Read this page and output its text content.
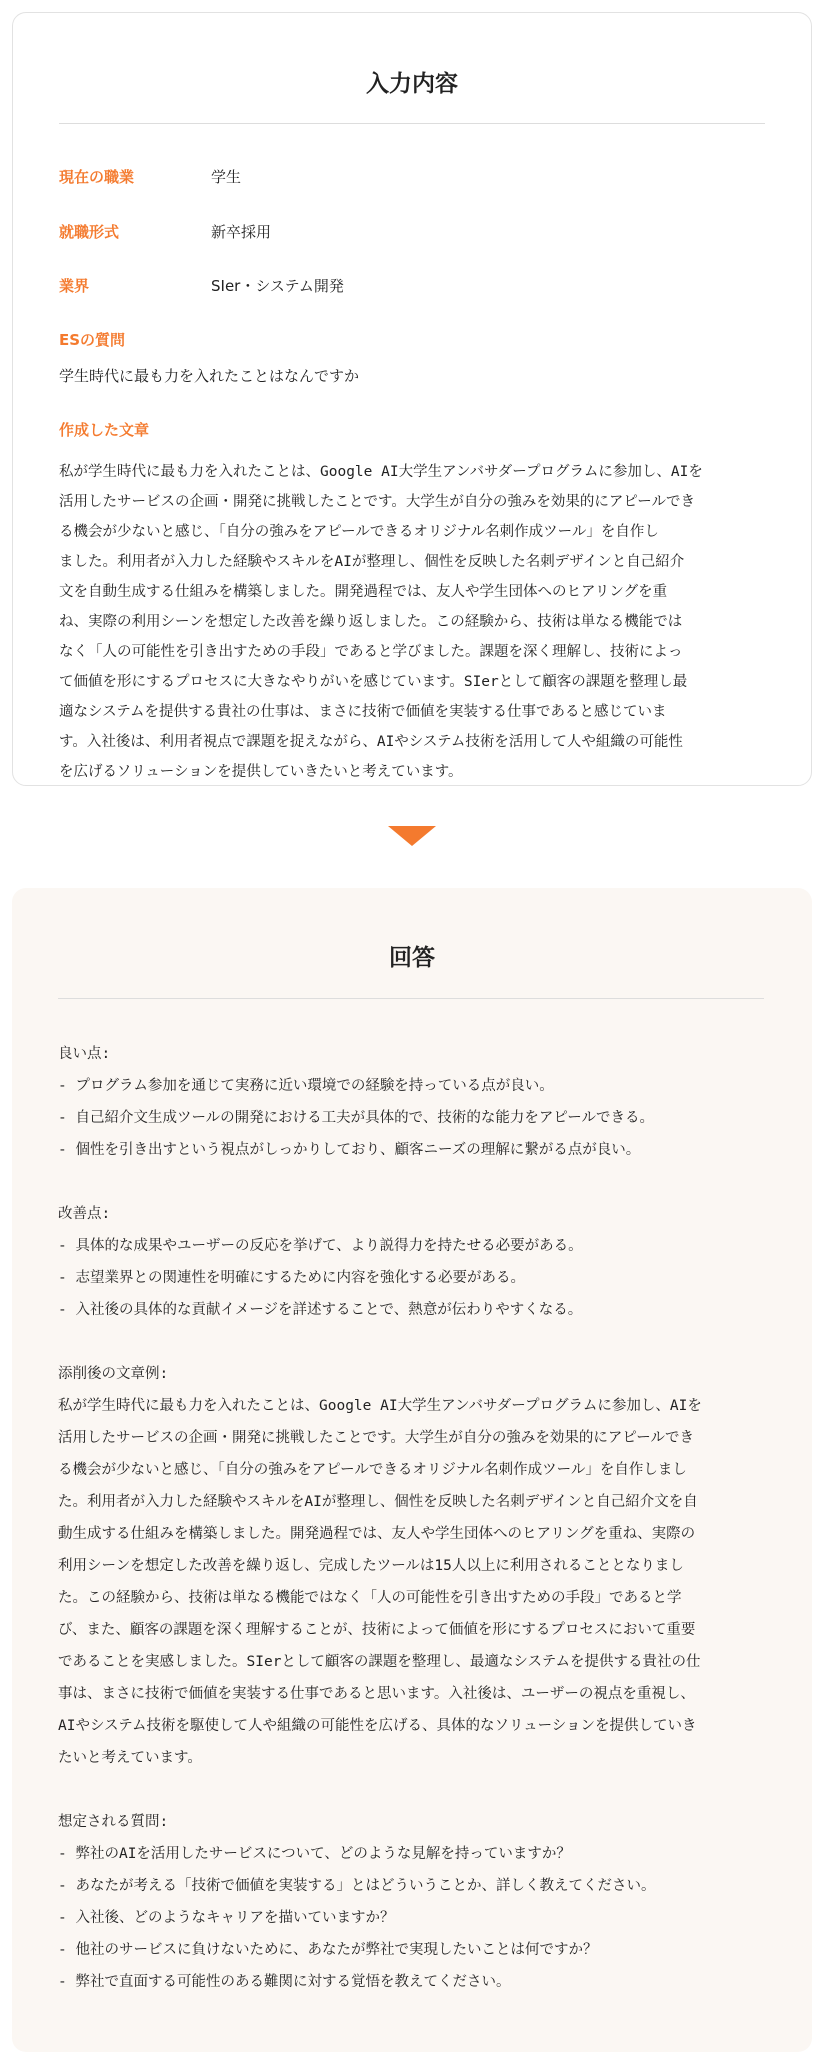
入力内容
現在の職業	学生
就職形式	新卒採用
業界	SIer・システム開発
ESの質問
学生時代に最も力を入れたことはなんですか
作成した文章
私が学生時代に最も力を入れたことは、Google AI大学生アンバサダープログラムに参加し、AIを
活用したサービスの企画・開発に挑戦したことです。大学生が自分の強みを効果的にアピールでき
る機会が少ないと感じ、「自分の強みをアピールできるオリジナル名刺作成ツール」を自作し
ました。利用者が入力した経験やスキルをAIが整理し、個性を反映した名刺デザインと自己紹介
文を自動生成する仕組みを構築しました。開発過程では、友人や学生団体へのヒアリングを重
ね、実際の利用シーンを想定した改善を繰り返しました。この経験から、技術は単なる機能では
なく「人の可能性を引き出すための手段」であると学びました。課題を深く理解し、技術によっ
て価値を形にするプロセスに大きなやりがいを感じています。SIerとして顧客の課題を整理し最
適なシステムを提供する貴社の仕事は、まさに技術で価値を実装する仕事であると感じていま
す。入社後は、利用者視点で課題を捉えながら、AIやシステム技術を活用して人や組織の可能性
を広げるソリューションを提供していきたいと考えています。
回答
良い点:
- プログラム参加を通じて実務に近い環境での経験を持っている点が良い。
- 自己紹介文生成ツールの開発における工夫が具体的で、技術的な能力をアピールできる。
- 個性を引き出すという視点がしっかりしており、顧客ニーズの理解に繋がる点が良い。
改善点:
- 具体的な成果やユーザーの反応を挙げて、より説得力を持たせる必要がある。
- 志望業界との関連性を明確にするために内容を強化する必要がある。
- 入社後の具体的な貢献イメージを詳述することで、熱意が伝わりやすくなる。
添削後の文章例:
私が学生時代に最も力を入れたことは、Google AI大学生アンバサダープログラムに参加し、AIを
活用したサービスの企画・開発に挑戦したことです。大学生が自分の強みを効果的にアピールでき
る機会が少ないと感じ、「自分の強みをアピールできるオリジナル名刺作成ツール」を自作しまし
た。利用者が入力した経験やスキルをAIが整理し、個性を反映した名刺デザインと自己紹介文を自
動生成する仕組みを構築しました。開発過程では、友人や学生団体へのヒアリングを重ね、実際の
利用シーンを想定した改善を繰り返し、完成したツールは15人以上に利用されることとなりまし
た。この経験から、技術は単なる機能ではなく「人の可能性を引き出すための手段」であると学
び、また、顧客の課題を深く理解することが、技術によって価値を形にするプロセスにおいて重要
であることを実感しました。SIerとして顧客の課題を整理し、最適なシステムを提供する貴社の仕
事は、まさに技術で価値を実装する仕事であると思います。入社後は、ユーザーの視点を重視し、
AIやシステム技術を駆使して人や組織の可能性を広げる、具体的なソリューションを提供していき
たいと考えています。
想定される質問:
- 弊社のAIを活用したサービスについて、どのような見解を持っていますか？
- あなたが考える「技術で価値を実装する」とはどういうことか、詳しく教えてください。
- 入社後、どのようなキャリアを描いていますか？
- 他社のサービスに負けないために、あなたが弊社で実現したいことは何ですか？
- 弊社で直面する可能性のある難関に対する覚悟を教えてください。
